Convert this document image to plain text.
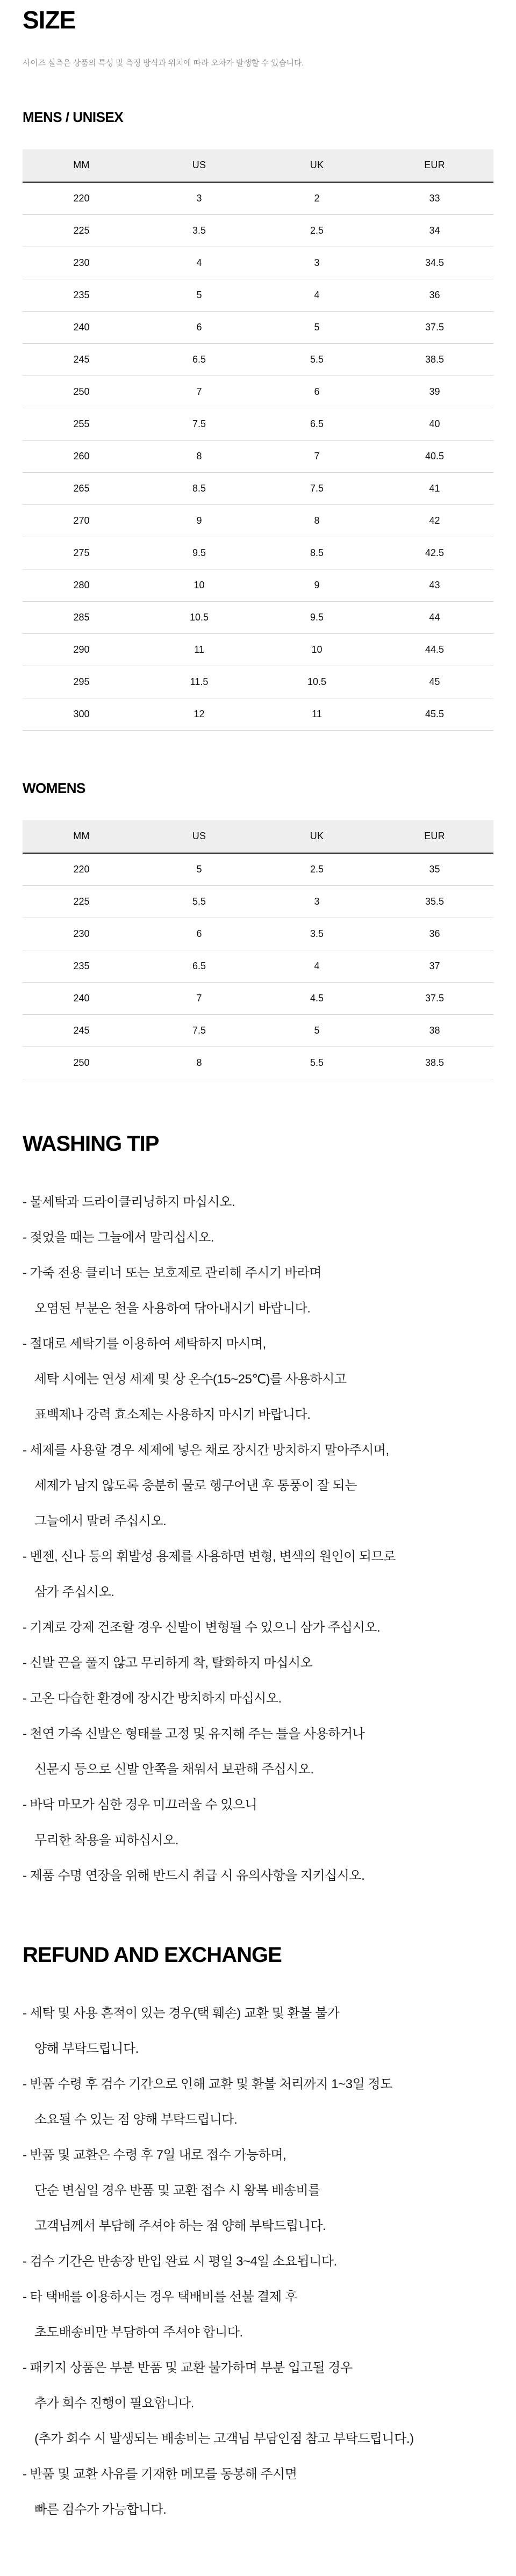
SIZE

사이즈 실측은 상품의 특성 및 측정 방식과 위치에 따라 오차가 발생할 수 있습니다.

MENS / UNISEX
MM	US	UK	EUR
220	3	2	33
225	3.5	2.5	34
230	4	3	34.5
235	5	4	36
240	6	5	37.5
245	6.5	5.5	38.5
250	7	6	39
255	7.5	6.5	40
260	8	7	40.5
265	8.5	7.5	41
270	9	8	42
275	9.5	8.5	42.5
280	10	9	43
285	10.5	9.5	44
290	11	10	44.5
295	11.5	10.5	45
300	12	11	45.5
WOMENS
MM	US	UK	EUR
220	5	2.5	35
225	5.5	3	35.5
230	6	3.5	36
235	6.5	4	37
240	7	4.5	37.5
245	7.5	5	38
250	8	5.5	38.5
WASHING TIP
- 물세탁과 드라이클리닝하지 마십시오.
- 젖었을 때는 그늘에서 말리십시오.
- 가죽 전용 클리너 또는 보호제로 관리해 주시기 바라며
오염된 부분은 천을 사용하여 닦아내시기 바랍니다.
- 절대로 세탁기를 이용하여 세탁하지 마시며,
세탁 시에는 연성 세제 및 상 온수(15~25℃)를 사용하시고
표백제나 강력 효소제는 사용하지 마시기 바랍니다.
- 세제를 사용할 경우 세제에 넣은 채로 장시간 방치하지 말아주시며,
세제가 남지 않도록 충분히 물로 헹구어낸 후 통풍이 잘 되는
그늘에서 말려 주십시오.
- 벤젠, 신나 등의 휘발성 용제를 사용하면 변형, 변색의 원인이 되므로
삼가 주십시오.
- 기계로 강제 건조할 경우 신발이 변형될 수 있으니 삼가 주십시오.
- 신발 끈을 풀지 않고 무리하게 착, 탈화하지 마십시오
- 고온 다습한 환경에 장시간 방치하지 마십시오.
- 천연 가죽 신발은 형태를 고정 및 유지해 주는 틀을 사용하거나
신문지 등으로 신발 안쪽을 채워서 보관해 주십시오.
- 바닥 마모가 심한 경우 미끄러울 수 있으니
무리한 착용을 피하십시오.
- 제품 수명 연장을 위해 반드시 취급 시 유의사항을 지키십시오.
REFUND AND EXCHANGE
- 세탁 및 사용 흔적이 있는 경우(택 훼손) 교환 및 환불 불가
양해 부탁드립니다.
- 반품 수령 후 검수 기간으로 인해 교환 및 환불 처리까지 1~3일 정도
소요될 수 있는 점 양해 부탁드립니다.
- 반품 및 교환은 수령 후 7일 내로 접수 가능하며,
단순 변심일 경우 반품 및 교환 접수 시 왕복 배송비를
고객님께서 부담해 주셔야 하는 점 양해 부탁드립니다.
- 검수 기간은 반송장 반입 완료 시 평일 3~4일 소요됩니다.
- 타 택배를 이용하시는 경우 택배비를 선불 결제 후
초도배송비만 부담하여 주셔야 합니다.
- 패키지 상품은 부분 반품 및 교환 불가하며 부분 입고될 경우
추가 회수 진행이 필요합니다.
(추가 회수 시 발생되는 배송비는 고객님 부담인점 참고 부탁드립니다.)
- 반품 및 교환 사유를 기재한 메모를 동봉해 주시면
빠른 검수가 가능합니다.
